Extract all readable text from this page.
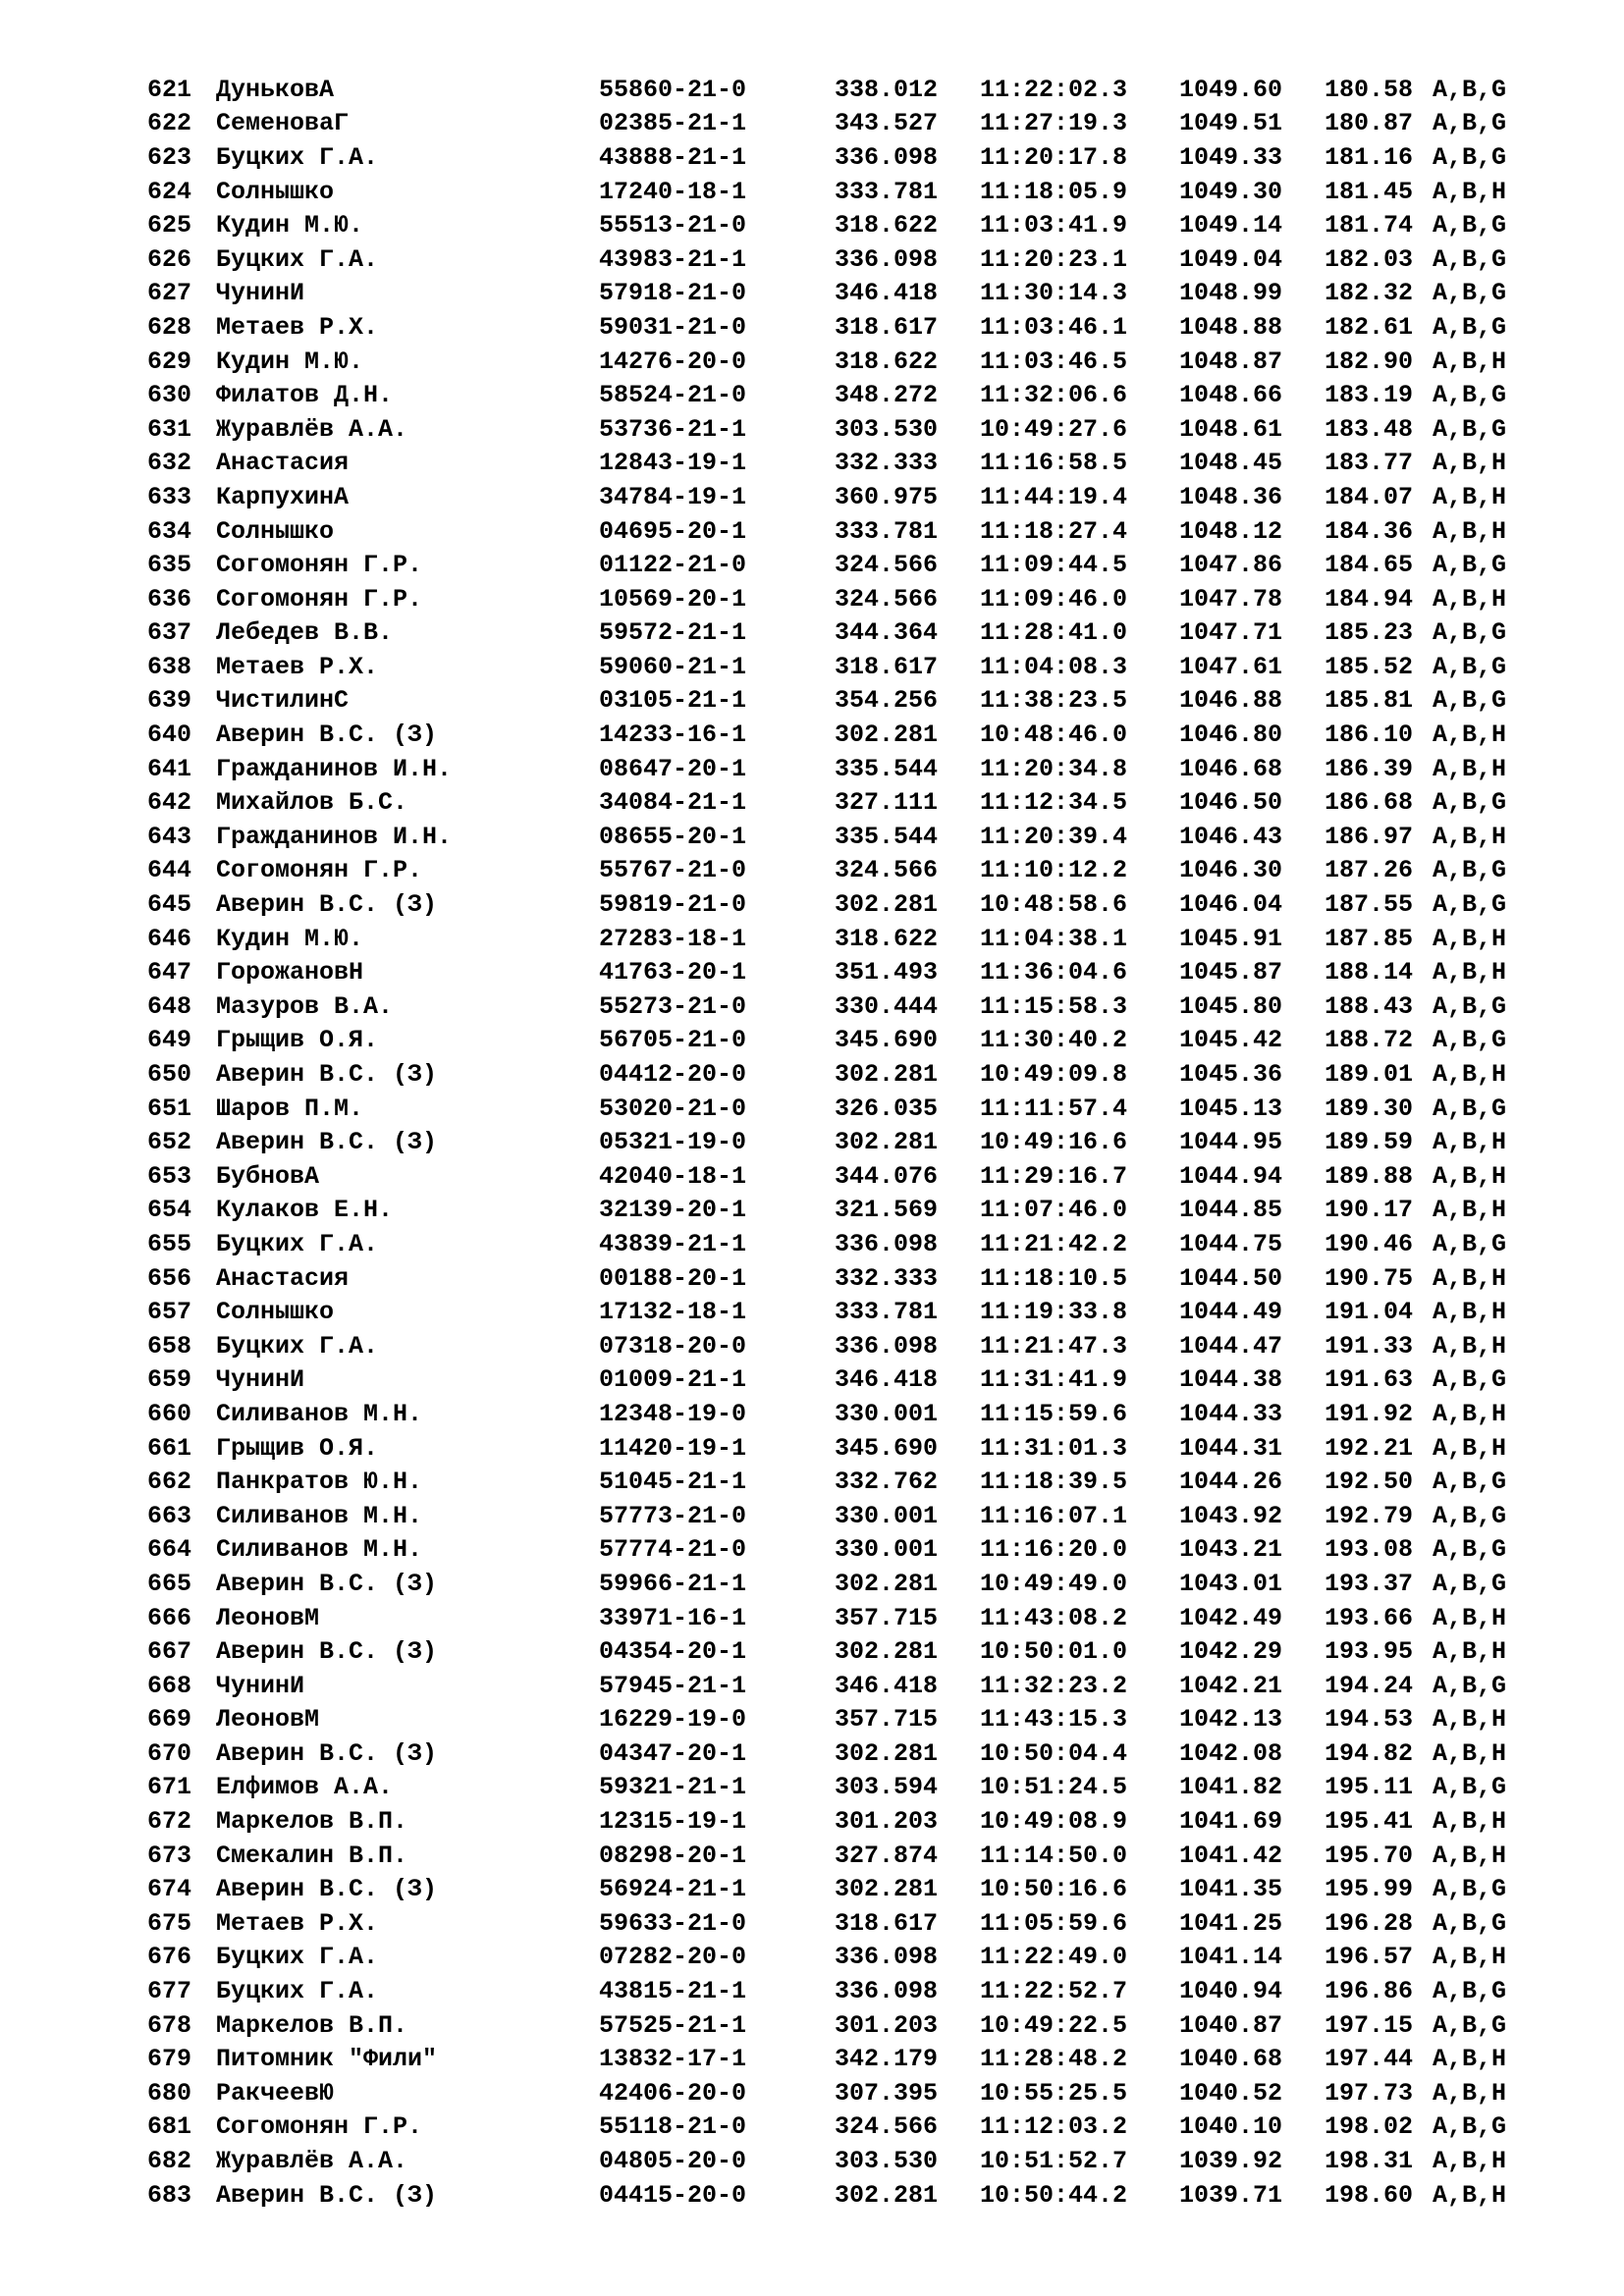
621 ДуньковА	55860-21-0	338.012	11:22:02.3	1049.60	180.58 A,B,G
622 СеменоваГ	02385-21-1	343.527	11:27:19.3	1049.51	180.87 A,B,G
623 Буцких Г.А.	43888-21-1	336.098	11:20:17.8	1049.33	181.16 A,B,G
624 Солнышко	17240-18-1	333.781	11:18:05.9	1049.30	181.45 A,B,H
625 Кудин М.Ю.	55513-21-0	318.622	11:03:41.9	1049.14	181.74 A,B,G
626 Буцких Г.А.	43983-21-1	336.098	11:20:23.1	1049.04	182.03 A,B,G
627 ЧунинИ	57918-21-0	346.418	11:30:14.3	1048.99	182.32 A,B,G
628 Метаев Р.Х.	59031-21-0	318.617	11:03:46.1	1048.88	182.61 A,B,G
629 Кудин М.Ю.	14276-20-0	318.622	11:03:46.5	1048.87	182.90 A,B,H
630 Филатов Д.Н.	58524-21-0	348.272	11:32:06.6	1048.66	183.19 A,B,G
631 Журавлёв А.А.	53736-21-1	303.530	10:49:27.6	1048.61	183.48 A,B,G
632 Анастасия	12843-19-1	332.333	11:16:58.5	1048.45	183.77 A,B,H
633 КарпухинА	34784-19-1	360.975	11:44:19.4	1048.36	184.07 A,B,H
634 Солнышко	04695-20-1	333.781	11:18:27.4	1048.12	184.36 A,B,H
635 Согомонян Г.Р.	01122-21-0	324.566	11:09:44.5	1047.86	184.65 A,B,G
636 Согомонян Г.Р.	10569-20-1	324.566	11:09:46.0	1047.78	184.94 A,B,H
637 Лебедев В.В.	59572-21-1	344.364	11:28:41.0	1047.71	185.23 A,B,G
638 Метаев Р.Х.	59060-21-1	318.617	11:04:08.3	1047.61	185.52 A,B,G
639 ЧистилинС	03105-21-1	354.256	11:38:23.5	1046.88	185.81 A,B,G
640 Аверин В.С. (З)	14233-16-1	302.281	10:48:46.0	1046.80	186.10 A,B,H
641 Гражданинов И.Н.	08647-20-1	335.544	11:20:34.8	1046.68	186.39 A,B,H
642 Михайлов Б.С.	34084-21-1	327.111	11:12:34.5	1046.50	186.68 A,B,G
643 Гражданинов И.Н.	08655-20-1	335.544	11:20:39.4	1046.43	186.97 A,B,H
644 Согомонян Г.Р.	55767-21-0	324.566	11:10:12.2	1046.30	187.26 A,B,G
645 Аверин В.С. (З)	59819-21-0	302.281	10:48:58.6	1046.04	187.55 A,B,G
646 Кудин М.Ю.	27283-18-1	318.622	11:04:38.1	1045.91	187.85 A,B,H
647 ГорожановН	41763-20-1	351.493	11:36:04.6	1045.87	188.14 A,B,H
648 Мазуров В.А.	55273-21-0	330.444	11:15:58.3	1045.80	188.43 A,B,G
649 Грыщив О.Я.	56705-21-0	345.690	11:30:40.2	1045.42	188.72 A,B,G
650 Аверин В.С. (З)	04412-20-0	302.281	10:49:09.8	1045.36	189.01 A,B,H
651 Шаров П.М.	53020-21-0	326.035	11:11:57.4	1045.13	189.30 A,B,G
652 Аверин В.С. (З)	05321-19-0	302.281	10:49:16.6	1044.95	189.59 A,B,H
653 БубновА	42040-18-1	344.076	11:29:16.7	1044.94	189.88 A,B,H
654 Кулаков Е.Н.	32139-20-1	321.569	11:07:46.0	1044.85	190.17 A,B,H
655 Буцких Г.А.	43839-21-1	336.098	11:21:42.2	1044.75	190.46 A,B,G
656 Анастасия	00188-20-1	332.333	11:18:10.5	1044.50	190.75 A,B,H
657 Солнышко	17132-18-1	333.781	11:19:33.8	1044.49	191.04 A,B,H
658 Буцких Г.А.	07318-20-0	336.098	11:21:47.3	1044.47	191.33 A,B,H
659 ЧунинИ	01009-21-1	346.418	11:31:41.9	1044.38	191.63 A,B,G
660 Силиванов М.Н.	12348-19-0	330.001	11:15:59.6	1044.33	191.92 A,B,H
661 Грыщив О.Я.	11420-19-1	345.690	11:31:01.3	1044.31	192.21 A,B,H
662 Панкратов Ю.Н.	51045-21-1	332.762	11:18:39.5	1044.26	192.50 A,B,G
663 Силиванов М.Н.	57773-21-0	330.001	11:16:07.1	1043.92	192.79 A,B,G
664 Силиванов М.Н.	57774-21-0	330.001	11:16:20.0	1043.21	193.08 A,B,G
665 Аверин В.С. (З)	59966-21-1	302.281	10:49:49.0	1043.01	193.37 A,B,G
666 ЛеоновМ	33971-16-1	357.715	11:43:08.2	1042.49	193.66 A,B,H
667 Аверин В.С. (З)	04354-20-1	302.281	10:50:01.0	1042.29	193.95 A,B,H
668 ЧунинИ	57945-21-1	346.418	11:32:23.2	1042.21	194.24 A,B,G
669 ЛеоновМ	16229-19-0	357.715	11:43:15.3	1042.13	194.53 A,B,H
670 Аверин В.С. (З)	04347-20-1	302.281	10:50:04.4	1042.08	194.82 A,B,H
671 Елфимов А.А.	59321-21-1	303.594	10:51:24.5	1041.82	195.11 A,B,G
672 Маркелов В.П.	12315-19-1	301.203	10:49:08.9	1041.69	195.41 A,B,H
673 Смекалин В.П.	08298-20-1	327.874	11:14:50.0	1041.42	195.70 A,B,H
674 Аверин В.С. (З)	56924-21-1	302.281	10:50:16.6	1041.35	195.99 A,B,G
675 Метаев Р.Х.	59633-21-0	318.617	11:05:59.6	1041.25	196.28 A,B,G
676 Буцких Г.А.	07282-20-0	336.098	11:22:49.0	1041.14	196.57 A,B,H
677 Буцких Г.А.	43815-21-1	336.098	11:22:52.7	1040.94	196.86 A,B,G
678 Маркелов В.П.	57525-21-1	301.203	10:49:22.5	1040.87	197.15 A,B,G
679 Питомник "Фили"	13832-17-1	342.179	11:28:48.2	1040.68	197.44 A,B,H
680 РакчеевЮ	42406-20-0	307.395	10:55:25.5	1040.52	197.73 A,B,H
681 Согомонян Г.Р.	55118-21-0	324.566	11:12:03.2	1040.10	198.02 A,B,G
682 Журавлёв А.А.	04805-20-0	303.530	10:51:52.7	1039.92	198.31 A,B,H
683 Аверин В.С. (З)	04415-20-0	302.281	10:50:44.2	1039.71	198.60 A,B,H
